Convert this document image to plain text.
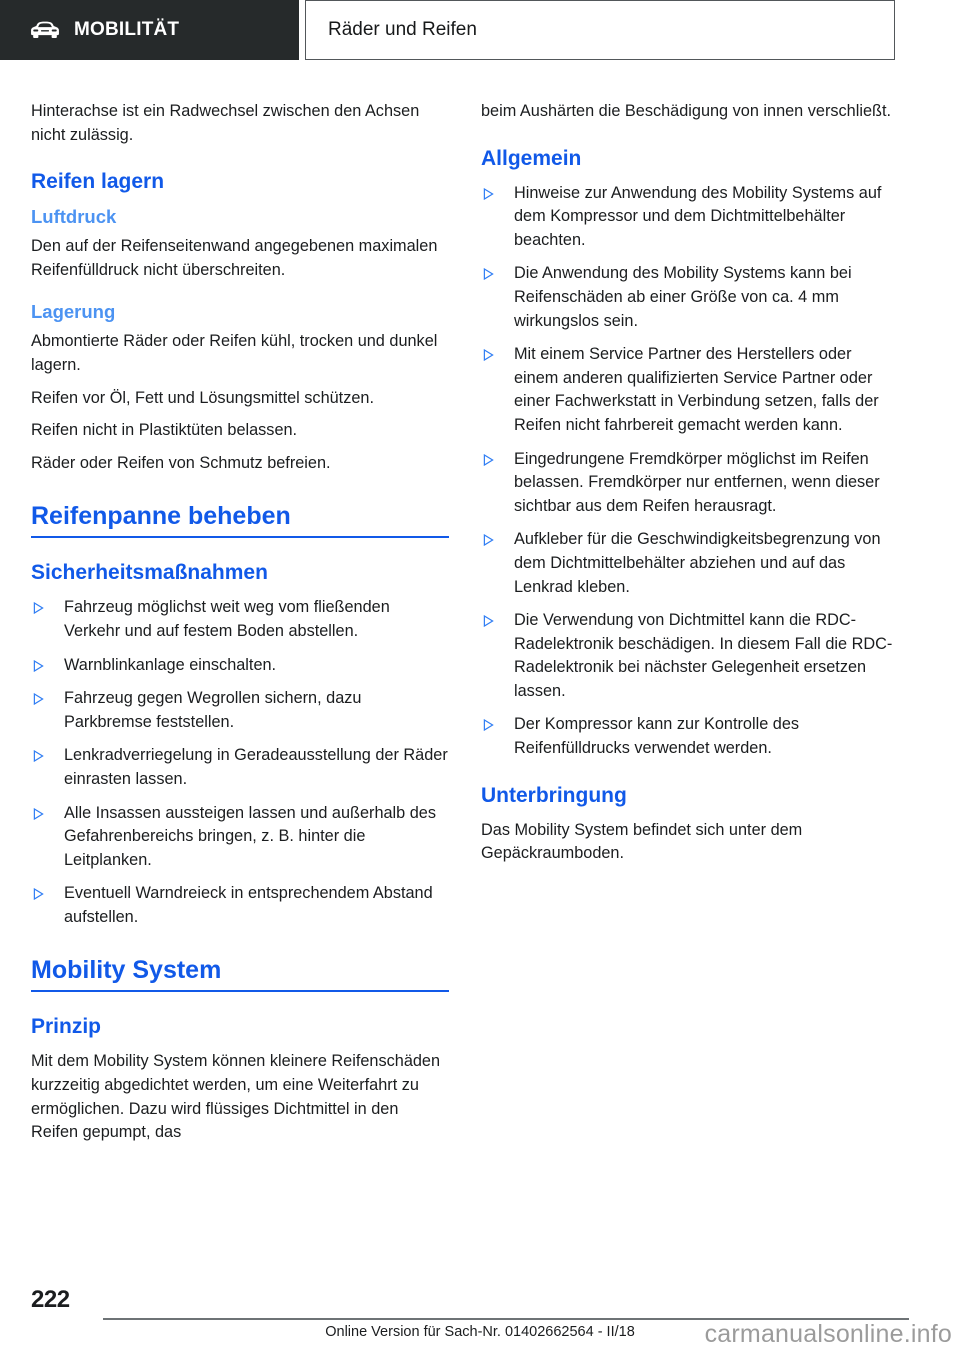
MOBILITÄT	Räder und Reifen

Hinterachse ist ein Radwechsel zwischen den Achsen nicht zulässig.

Reifen lagern
Luftdruck

Den auf der Reifenseitenwand angegebenen maximalen Reifenfülldruck nicht überschreiten.

Lagerung

Abmontierte Räder oder Reifen kühl, trocken und dunkel lagern.

Reifen vor Öl, Fett und Lösungsmittel schützen.

Reifen nicht in Plastiktüten belassen.

Räder oder Reifen von Schmutz befreien.

Reifenpanne beheben
Sicherheitsmaßnahmen
Fahrzeug möglichst weit weg vom fließenden Verkehr und auf festem Boden abstellen.
Warnblinkanlage einschalten.
Fahrzeug gegen Wegrollen sichern, dazu Parkbremse feststellen.
Lenkradverriegelung in Geradeausstellung der Räder einrasten lassen.
Alle Insassen aussteigen lassen und außerhalb des Gefahrenbereichs bringen, z. B. hinter die Leitplanken.
Eventuell Warndreieck in entsprechendem Abstand aufstellen.
Mobility System
Prinzip

Mit dem Mobility System können kleinere Reifenschäden kurzzeitig abgedichtet werden, um eine Weiterfahrt zu ermöglichen. Dazu wird flüssiges Dichtmittel in den Reifen gepumpt, das

beim Aushärten die Beschädigung von innen verschließt.

Allgemein
Hinweise zur Anwendung des Mobility Systems auf dem Kompressor und dem Dichtmittelbehälter beachten.
Die Anwendung des Mobility Systems kann bei Reifenschäden ab einer Größe von ca. 4 mm wirkungslos sein.
Mit einem Service Partner des Herstellers oder einem anderen qualifizierten Service Partner oder einer Fachwerkstatt in Verbindung setzen, falls der Reifen nicht fahrbereit gemacht werden kann.
Eingedrungene Fremdkörper möglichst im Reifen belassen. Fremdkörper nur entfernen, wenn dieser sichtbar aus dem Reifen herausragt.
Aufkleber für die Geschwindigkeitsbegrenzung von dem Dichtmittelbehälter abziehen und auf das Lenkrad kleben.
Die Verwendung von Dichtmittel kann die RDC-Radelektronik beschädigen. In diesem Fall die RDC-Radelektronik bei nächster Gelegenheit ersetzen lassen.
Der Kompressor kann zur Kontrolle des Reifenfülldrucks verwendet werden.
Unterbringung

Das Mobility System befindet sich unter dem Gepäckraumboden.

222
Online Version für Sach-Nr. 01402662564 - II/18	carmanualsonline.info
